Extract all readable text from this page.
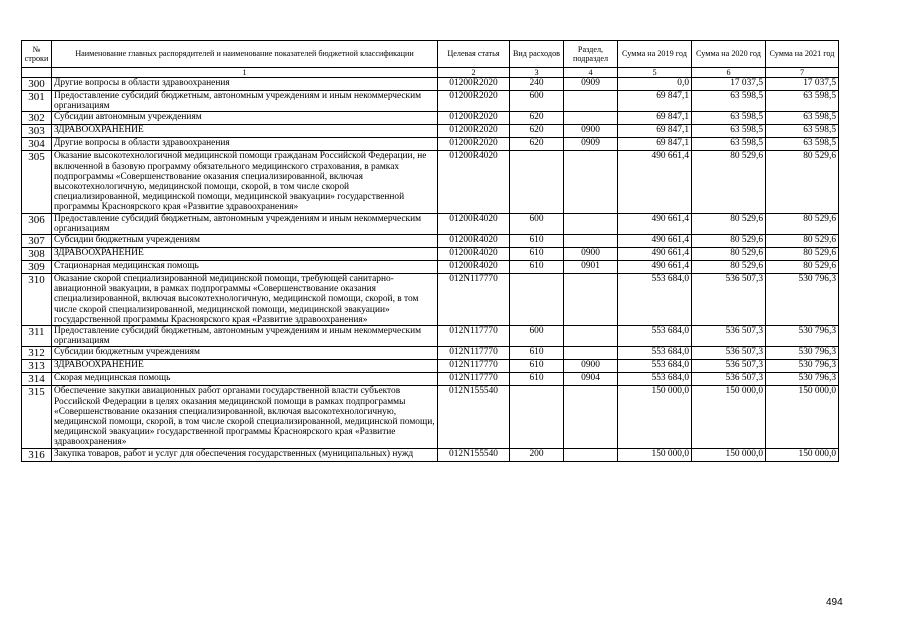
№ строки	Наименование главных распорядителей и наименование показателей бюджетной классификации	Целевая статья	Вид расходов	Раздел, подраздел	Сумма на 2019 год	Сумма на 2020 год	Сумма на 2021 год
	1	2	3	4	5	6	7
300	Другие вопросы в области здравоохранения	01200R2020	240	0909	0,0	17 037,5	17 037,5
301	Предоставление субсидий бюджетным, автономным учреждениям и иным некоммерческим организациям	01200R2020	600		69 847,1	63 598,5	63 598,5
302	Субсидии автономным учреждениям	01200R2020	620		69 847,1	63 598,5	63 598,5
303	ЗДРАВООХРАНЕНИЕ	01200R2020	620	0900	69 847,1	63 598,5	63 598,5
304	Другие вопросы в области здравоохранения	01200R2020	620	0909	69 847,1	63 598,5	63 598,5
305	Оказание высокотехнологичной медицинской помощи гражданам Российской Федерации, не включенной в базовую программу обязательного медицинского страхования, в рамках подпрограммы «Совершенствование оказания специализированной, включая высокотехнологичную, медицинской помощи, скорой, в том числе скорой специализированной, медицинской помощи, медицинской эвакуации» государственной программы Красноярского края «Развитие здравоохранения»	01200R4020			490 661,4	80 529,6	80 529,6
306	Предоставление субсидий бюджетным, автономным учреждениям и иным некоммерческим организациям	01200R4020	600		490 661,4	80 529,6	80 529,6
307	Субсидии бюджетным учреждениям	01200R4020	610		490 661,4	80 529,6	80 529,6
308	ЗДРАВООХРАНЕНИЕ	01200R4020	610	0900	490 661,4	80 529,6	80 529,6
309	Стационарная медицинская помощь	01200R4020	610	0901	490 661,4	80 529,6	80 529,6
310	Оказание скорой специализированной медицинской помощи, требующей санитарно-авиационной эвакуации, в рамках подпрограммы «Совершенствование оказания специализированной, включая высокотехнологичную, медицинской помощи, скорой, в том числе скорой специализированной, медицинской помощи, медицинской эвакуации» государственной программы Красноярского края «Развитие здравоохранения»	012N117770			553 684,0	536 507,3	530 796,3
311	Предоставление субсидий бюджетным, автономным учреждениям и иным некоммерческим организациям	012N117770	600		553 684,0	536 507,3	530 796,3
312	Субсидии бюджетным учреждениям	012N117770	610		553 684,0	536 507,3	530 796,3
313	ЗДРАВООХРАНЕНИЕ	012N117770	610	0900	553 684,0	536 507,3	530 796,3
314	Скорая медицинская помощь	012N117770	610	0904	553 684,0	536 507,3	530 796,3
315	Обеспечение закупки авиационных работ органами государственной власти субъектов Российской Федерации в целях оказания медицинской помощи в рамках подпрограммы «Совершенствование оказания специализированной, включая высокотехнологичную, медицинской помощи, скорой, в том числе скорой специализированной, медицинской помощи, медицинской эвакуации» государственной программы Красноярского края «Развитие здравоохранения»	012N155540			150 000,0	150 000,0	150 000,0
316	Закупка товаров, работ и услуг для обеспечения государственных (муниципальных) нужд	012N155540	200		150 000,0	150 000,0	150 000,0
494
